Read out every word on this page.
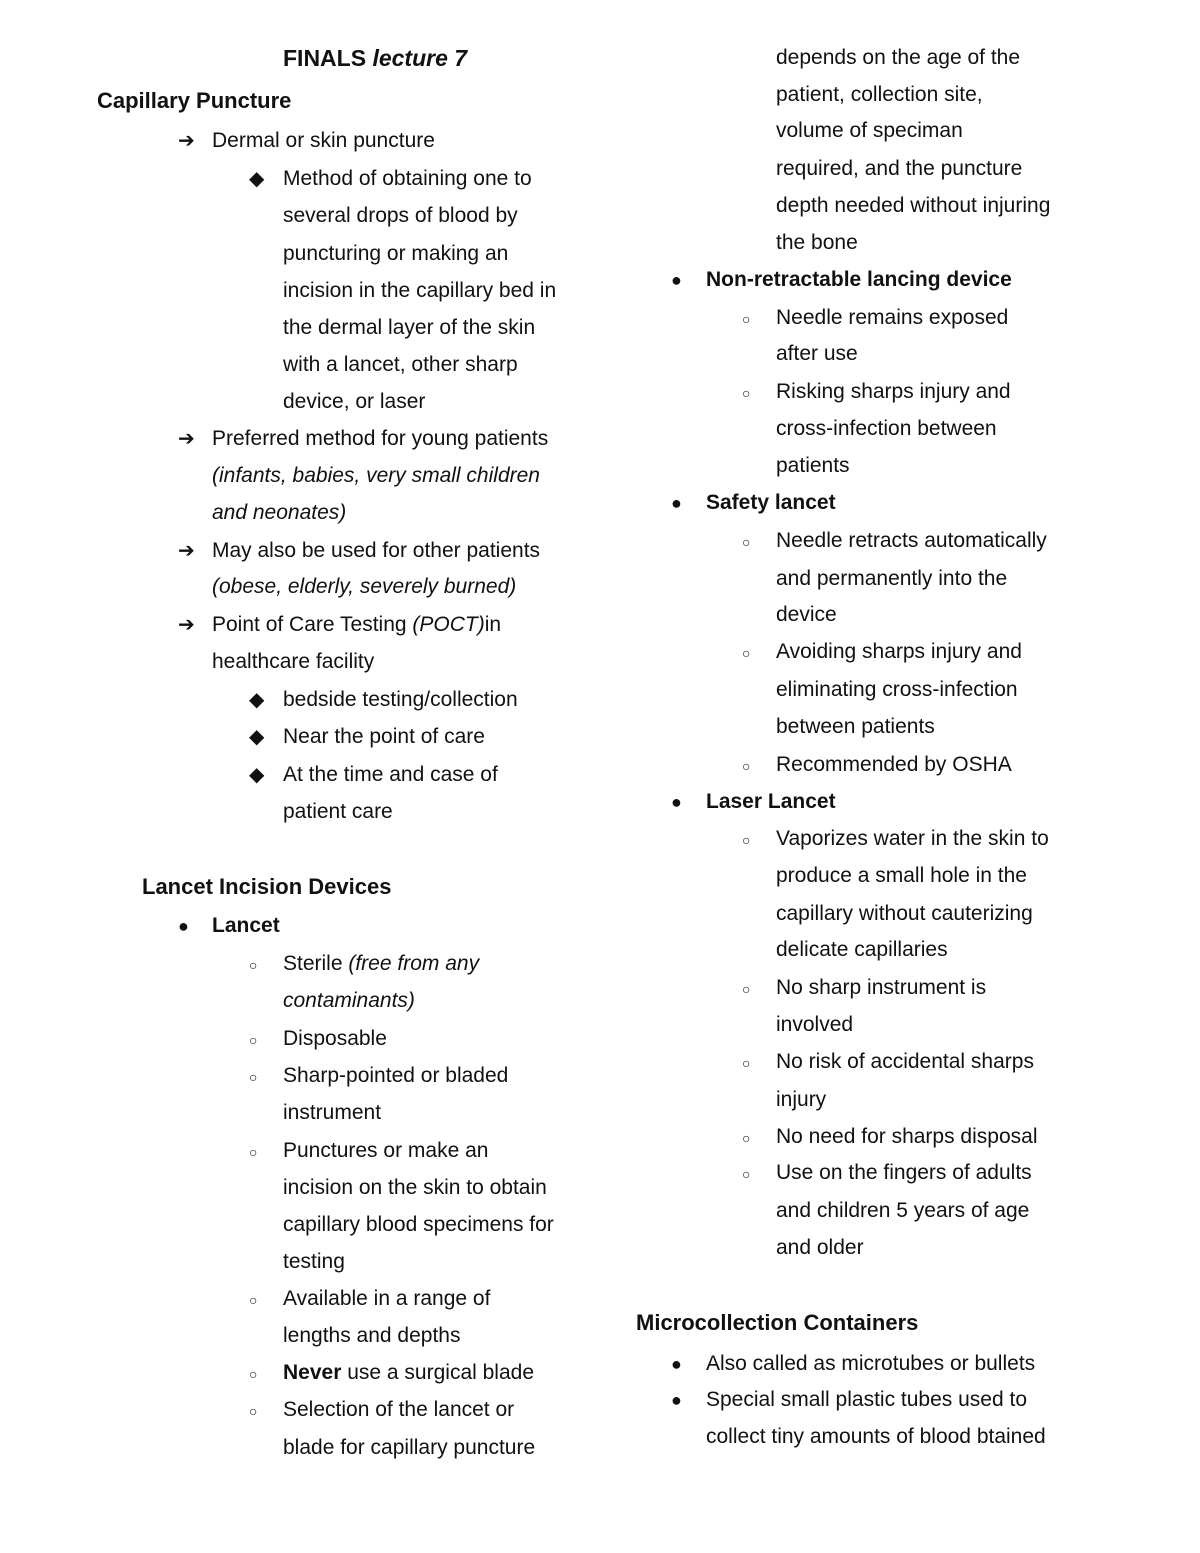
FINALS lecture 7
Capillary Puncture
➔ Dermal or skin puncture
◆ Method of obtaining one to
several drops of blood by
puncturing or making an
incision in the capillary bed in
the dermal layer of the skin
with a lancet, other sharp
device, or laser
➔ Preferred method for young patients
(infants, babies, very small children
and neonates)
➔ May also be used for other patients
(obese, elderly, severely burned)
➔ Point of Care Testing (POCT)in
healthcare facility
◆ bedside testing/collection
◆ Near the point of care
◆ At the time and case of
patient care
Lancet Incision Devices
● Lancet
○ Sterile (free from any
contaminants)
○ Disposable
○ Sharp-pointed or bladed
instrument
○ Punctures or make an
incision on the skin to obtain
capillary blood specimens for
testing
○ Available in a range of
lengths and depths
○ Never use a surgical blade
○ Selection of the lancet or
blade for capillary puncture
depends on the age of the
patient, collection site,
volume of speciman
required, and the puncture
depth needed without injuring
the bone
● Non-retractable lancing device
○ Needle remains exposed
after use
○ Risking sharps injury and
cross-infection between
patients
● Safety lancet
○ Needle retracts automatically
and permanently into the
device
○ Avoiding sharps injury and
eliminating cross-infection
between patients
○ Recommended by OSHA
● Laser Lancet
○ Vaporizes water in the skin to
produce a small hole in the
capillary without cauterizing
delicate capillaries
○ No sharp instrument is
involved
○ No risk of accidental sharps
injury
○ No need for sharps disposal
○ Use on the fingers of adults
and children 5 years of age
and older
Microcollection Containers
● Also called as microtubes or bullets
● Special small plastic tubes used to
collect tiny amounts of blood btained
